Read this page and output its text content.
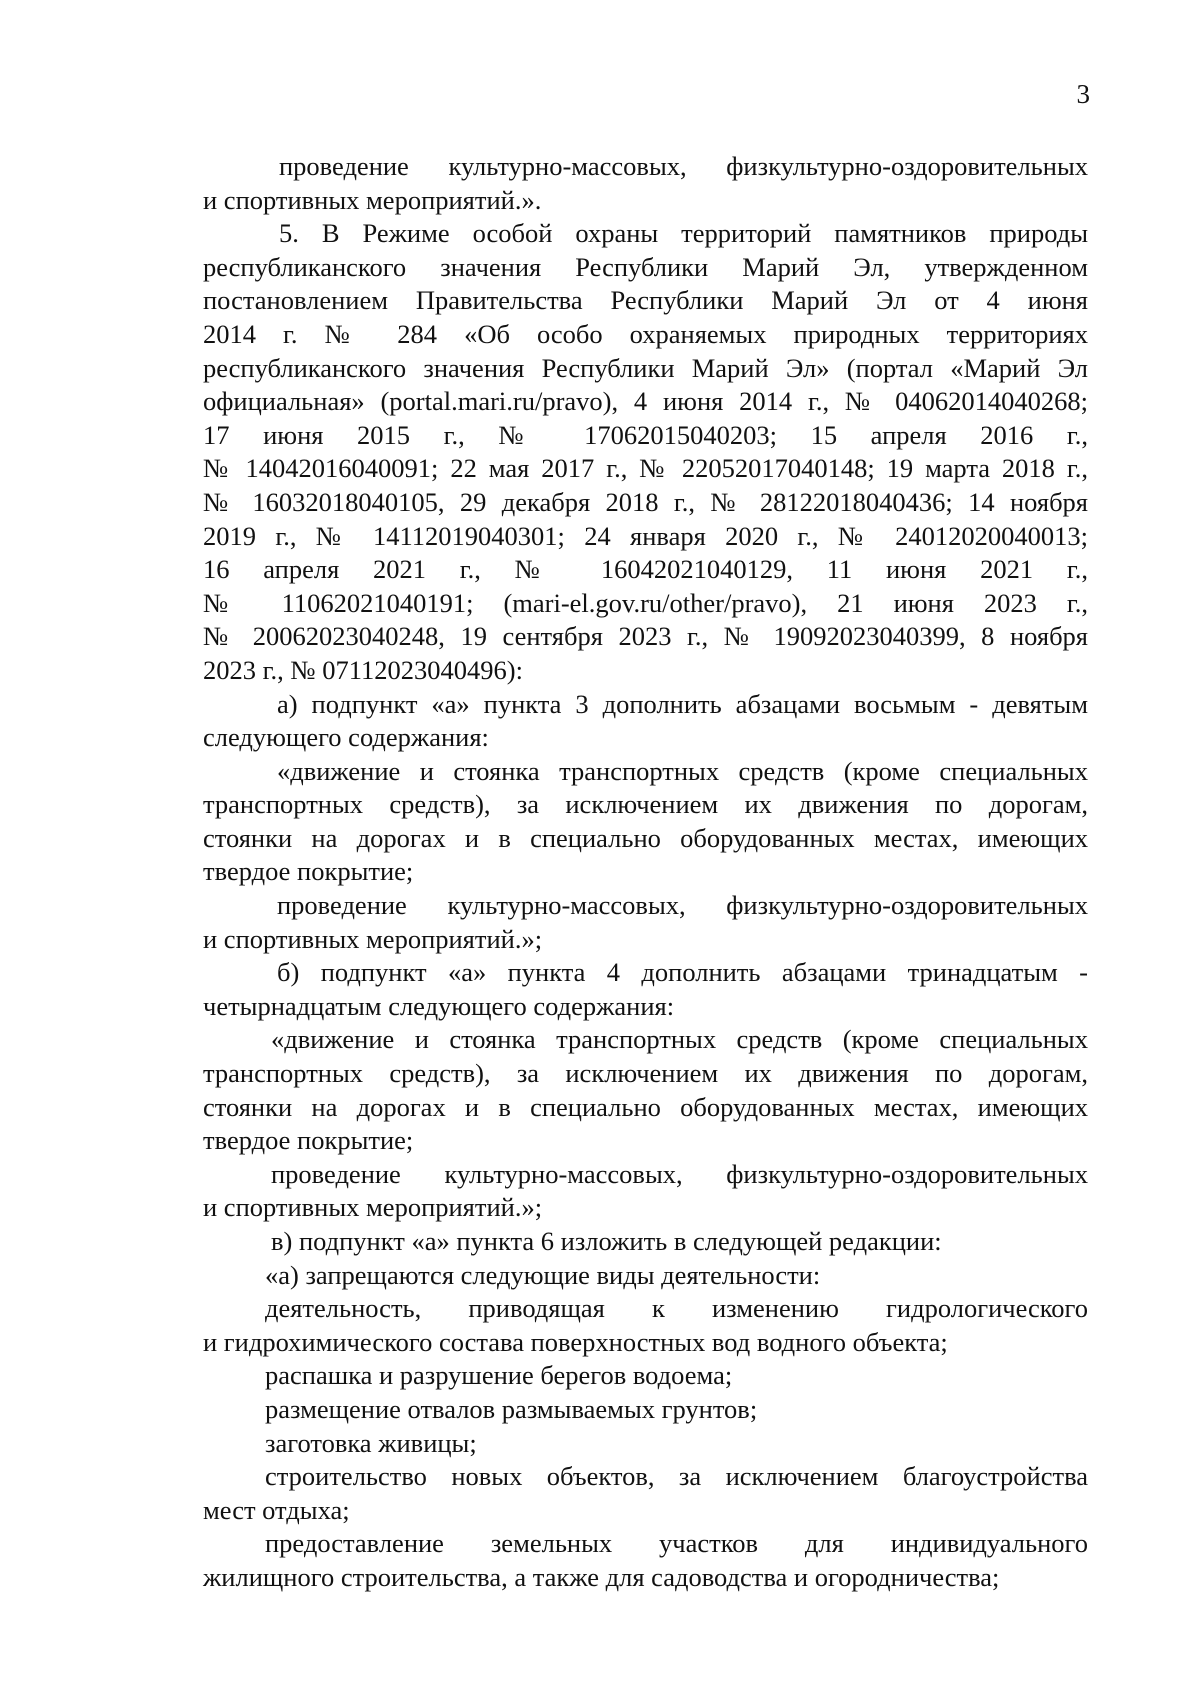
3
проведение культурно-массовых, физкультурно-оздоровительных
и спортивных мероприятий.».
5. В Режиме особой охраны территорий памятников природы
республиканского значения Республики Марий Эл, утвержденном
постановлением Правительства Республики Марий Эл от 4 июня
2014 г. № 284 «Об особо охраняемых природных территориях
республиканского значения Республики Марий Эл» (портал «Марий Эл
официальная» (portal.mari.ru/pravo), 4 июня 2014 г., № 04062014040268;
17 июня 2015 г., № 17062015040203; 15 апреля 2016 г.,
№ 14042016040091; 22 мая 2017 г., № 22052017040148; 19 марта 2018 г.,
№ 16032018040105, 29 декабря 2018 г., № 28122018040436; 14 ноября
2019 г., № 14112019040301; 24 января 2020 г., № 24012020040013;
16 апреля 2021 г., № 16042021040129, 11 июня 2021 г.,
№ 11062021040191; (mari-el.gov.ru/other/pravo), 21 июня 2023 г.,
№ 20062023040248, 19 сентября 2023 г., № 19092023040399, 8 ноября
2023 г., № 07112023040496):
а) подпункт «а» пункта 3 дополнить абзацами восьмым - девятым
следующего содержания:
«движение и стоянка транспортных средств (кроме специальных
транспортных средств), за исключением их движения по дорогам,
стоянки на дорогах и в специально оборудованных местах, имеющих
твердое покрытие;
проведение культурно-массовых, физкультурно-оздоровительных
и спортивных мероприятий.»;
б) подпункт «а» пункта 4 дополнить абзацами тринадцатым -
четырнадцатым следующего содержания:
«движение и стоянка транспортных средств (кроме специальных
транспортных средств), за исключением их движения по дорогам,
стоянки на дорогах и в специально оборудованных местах, имеющих
твердое покрытие;
проведение культурно-массовых, физкультурно-оздоровительных
и спортивных мероприятий.»;
в) подпункт «а» пункта 6 изложить в следующей редакции:
«а) запрещаются следующие виды деятельности:
деятельность, приводящая к изменению гидрологического
и гидрохимического состава поверхностных вод водного объекта;
распашка и разрушение берегов водоема;
размещение отвалов размываемых грунтов;
заготовка живицы;
строительство новых объектов, за исключением благоустройства
мест отдыха;
предоставление земельных участков для индивидуального
жилищного строительства, а также для садоводства и огородничества;
